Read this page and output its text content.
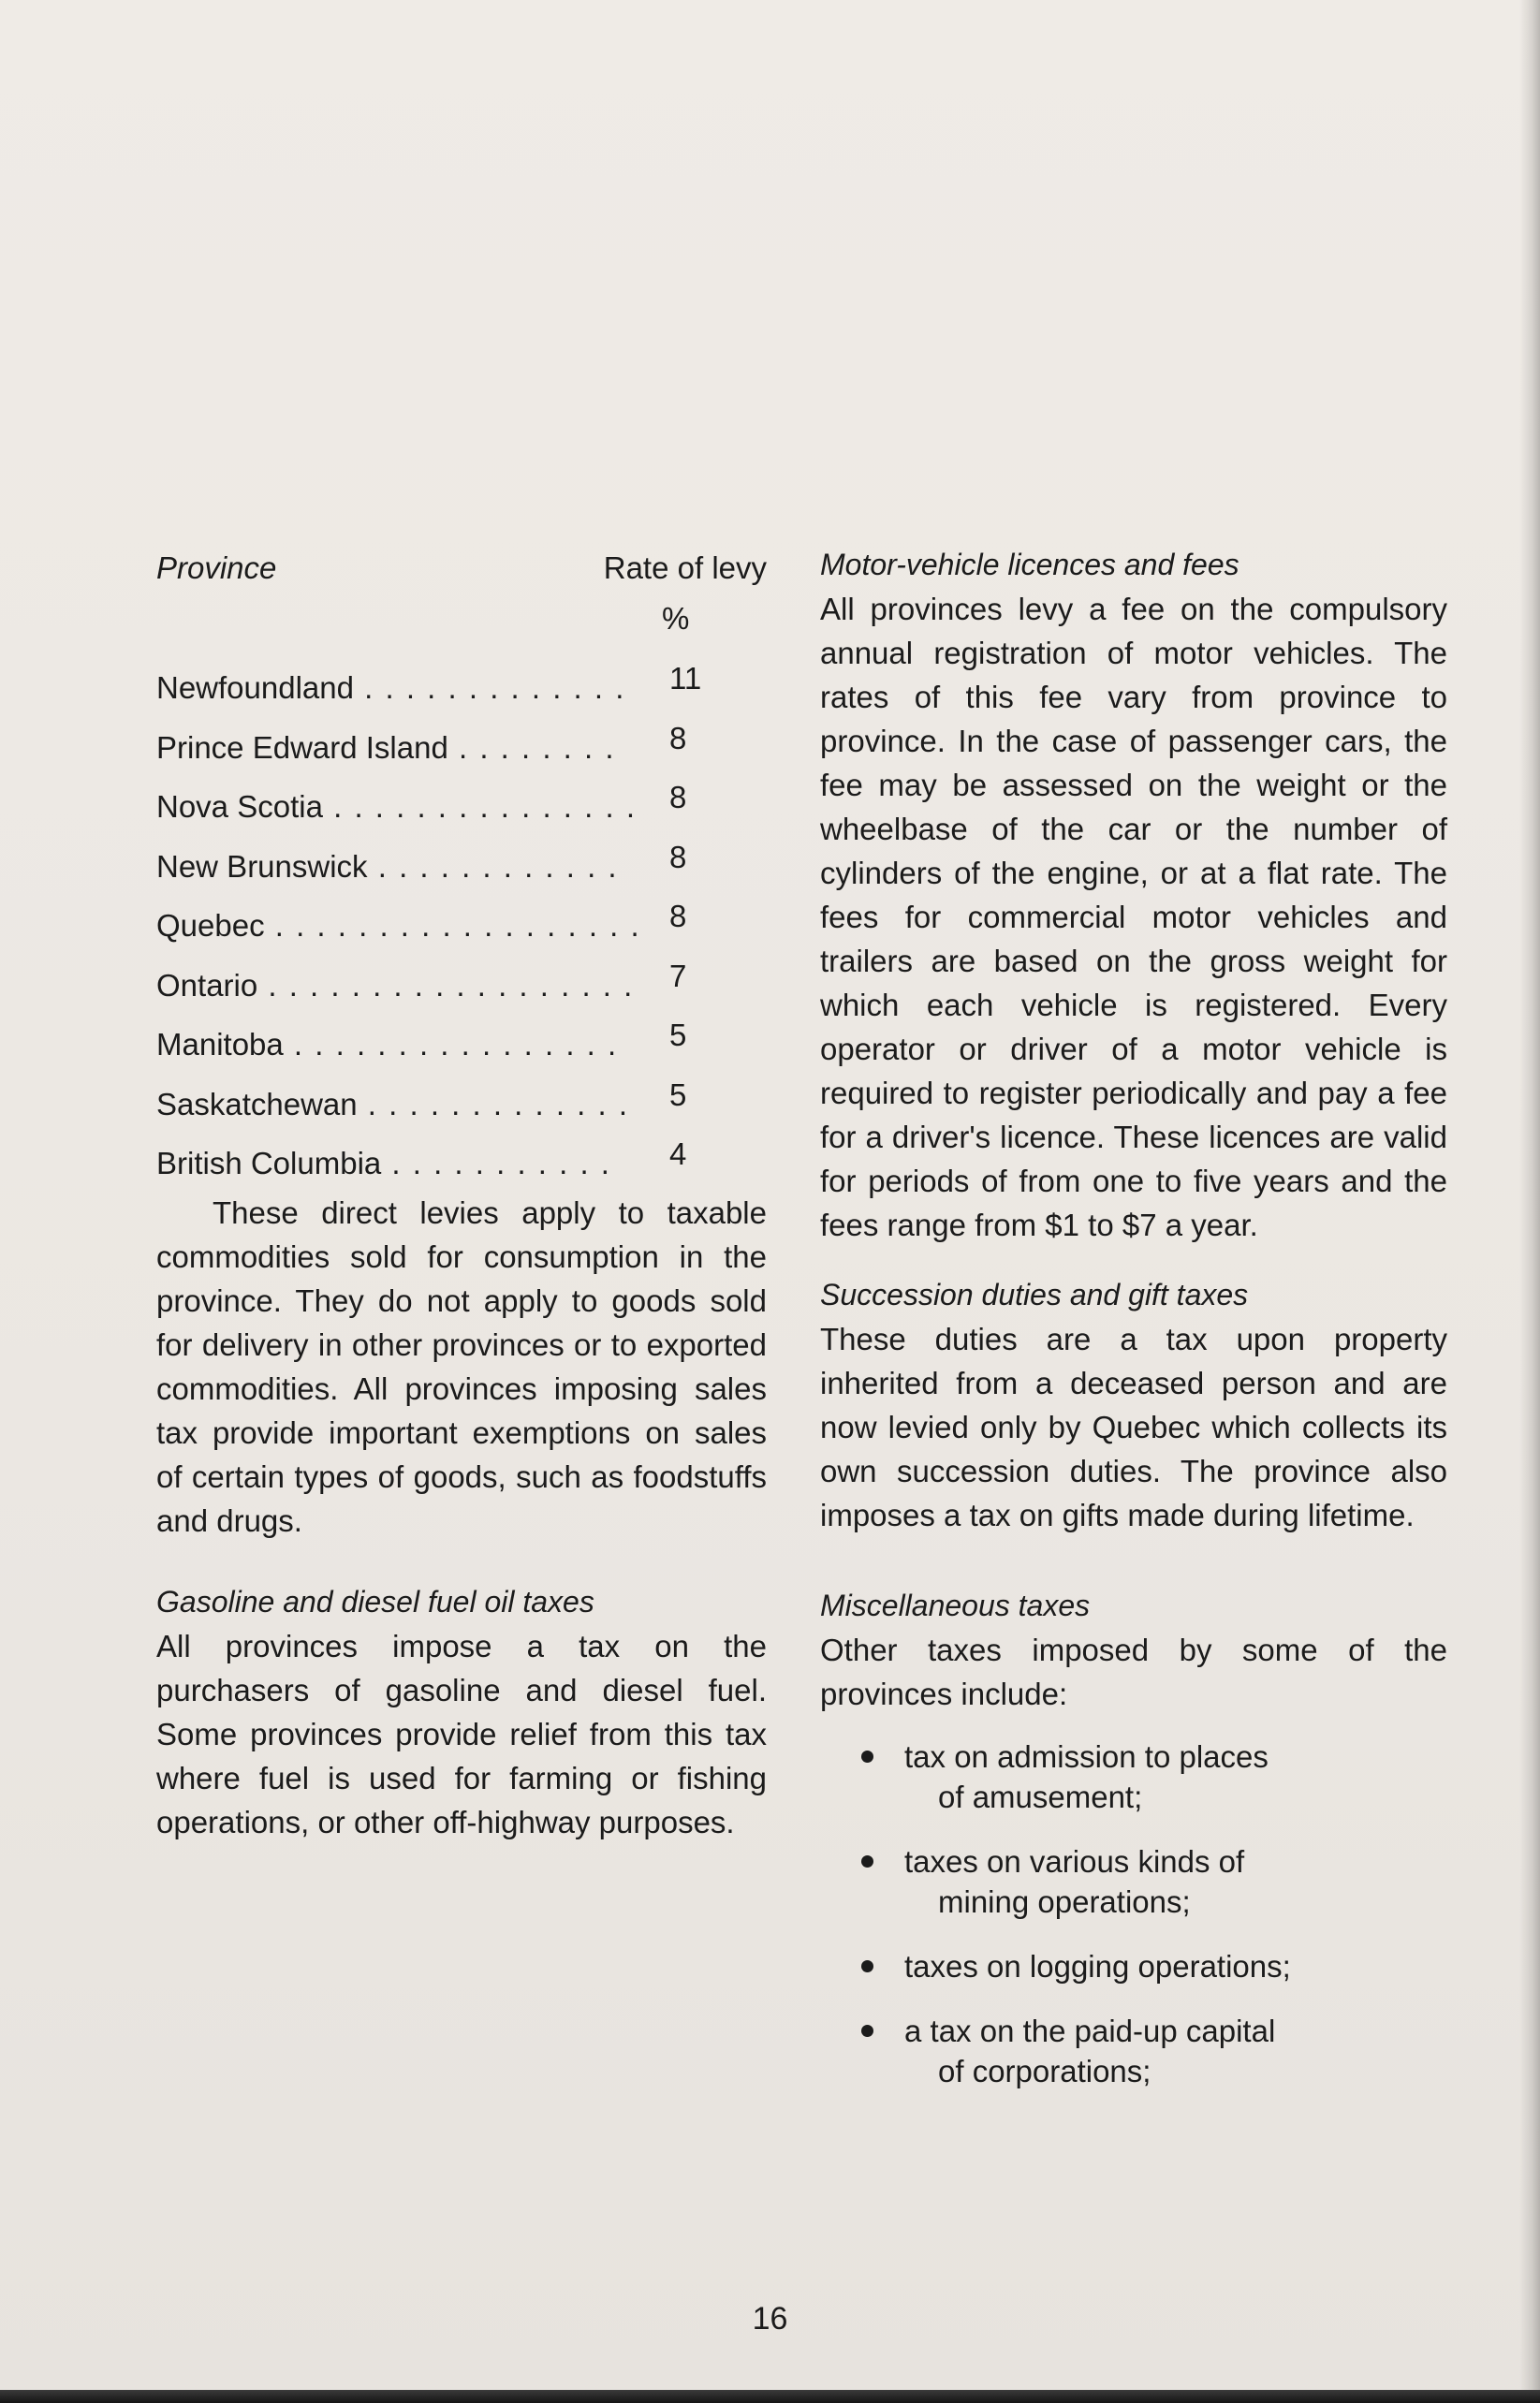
Province	Rate of levy
%
Newfoundland . . . . . . . . . . . . . 11
Prince Edward Island . . . . . . . . 8
Nova Scotia . . . . . . . . . . . . . . . 8
New Brunswick . . . . . . . . . . . . 8
Quebec . . . . . . . . . . . . . . . . . . 8
Ontario . . . . . . . . . . . . . . . . . . 7
Manitoba . . . . . . . . . . . . . . . . 5
Saskatchewan . . . . . . . . . . . . . 5
British Columbia . . . . . . . . . . . 4

These direct levies apply to taxable commodities sold for consumption in the province. They do not apply to goods sold for delivery in other provinces or to exported commodities. All provinces imposing sales tax provide important exemptions on sales of certain types of goods, such as foodstuffs and drugs.

Gasoline and diesel fuel oil taxes

All provinces impose a tax on the purchasers of gasoline and diesel fuel. Some provinces provide relief from this tax where fuel is used for farming or fishing operations, or other off-highway purposes.

Motor-vehicle licences and fees

All provinces levy a fee on the compulsory annual registration of motor vehicles. The rates of this fee vary from province to province. In the case of passenger cars, the fee may be assessed on the weight or the wheelbase of the car or the number of cylinders of the engine, or at a flat rate. The fees for commercial motor vehicles and trailers are based on the gross weight for which each vehicle is registered. Every operator or driver of a motor vehicle is required to register periodically and pay a fee for a driver's licence. These licences are valid for periods of from one to five years and the fees range from $1 to $7 a year.

Succession duties and gift taxes

These duties are a tax upon property inherited from a deceased person and are now levied only by Quebec which collects its own succession duties. The province also imposes a tax on gifts made during lifetime.

Miscellaneous taxes

Other taxes imposed by some of the provinces include:

tax on admission to places
of amusement;
taxes on various kinds of
mining operations;
taxes on logging operations;
a tax on the paid-up capital
of corporations;
16
